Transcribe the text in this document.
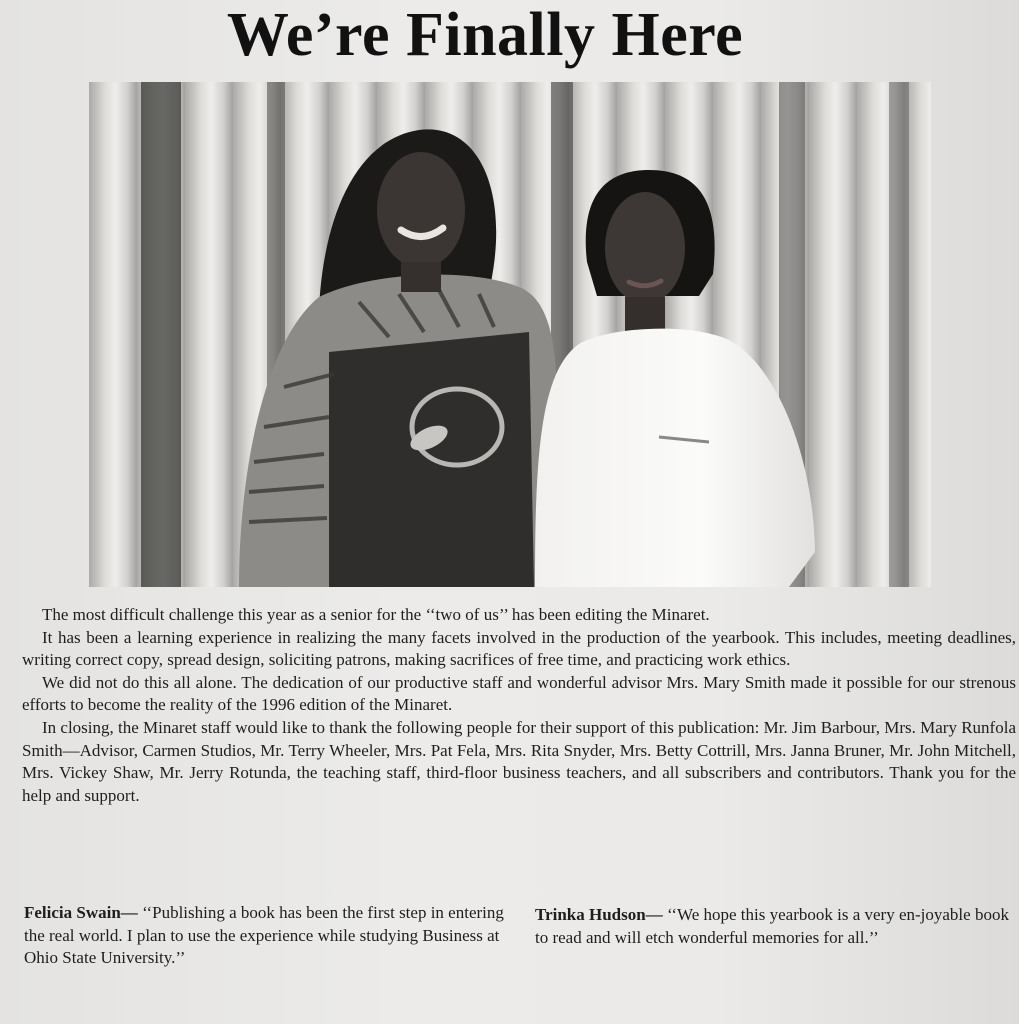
We’re Finally Here

The most difficult challenge this year as a senior for the ‘‘two of us’’ has been editing the Minaret.

It has been a learning experience in realizing the many facets involved in the production of the yearbook. This includes, meeting deadlines, writing correct copy, spread design, soliciting patrons, making sacrifices of free time, and practicing work ethics.

We did not do this all alone. The dedication of our productive staff and wonderful advisor Mrs. Mary Smith made it possible for our strenous efforts to become the reality of the 1996 edition of the Minaret.

In closing, the Minaret staff would like to thank the following people for their support of this publication: Mr. Jim Barbour, Mrs. Mary Runfola Smith—Advisor, Carmen Studios, Mr. Terry Wheeler, Mrs. Pat Fela, Mrs. Rita Snyder, Mrs. Betty Cottrill, Mrs. Janna Bruner, Mr. John Mitchell, Mrs. Vickey Shaw, Mr. Jerry Rotunda, the teaching staff, third-floor business teachers, and all subscribers and contributors. Thank you for the help and support.

Felicia Swain— ‘‘Publishing a book has been the first step in entering the real world. I plan to use the experience while studying Business at Ohio State University.’’
Trinka Hudson— ‘‘We hope this yearbook is a very en-joyable book to read and will etch wonderful memories for all.’’
